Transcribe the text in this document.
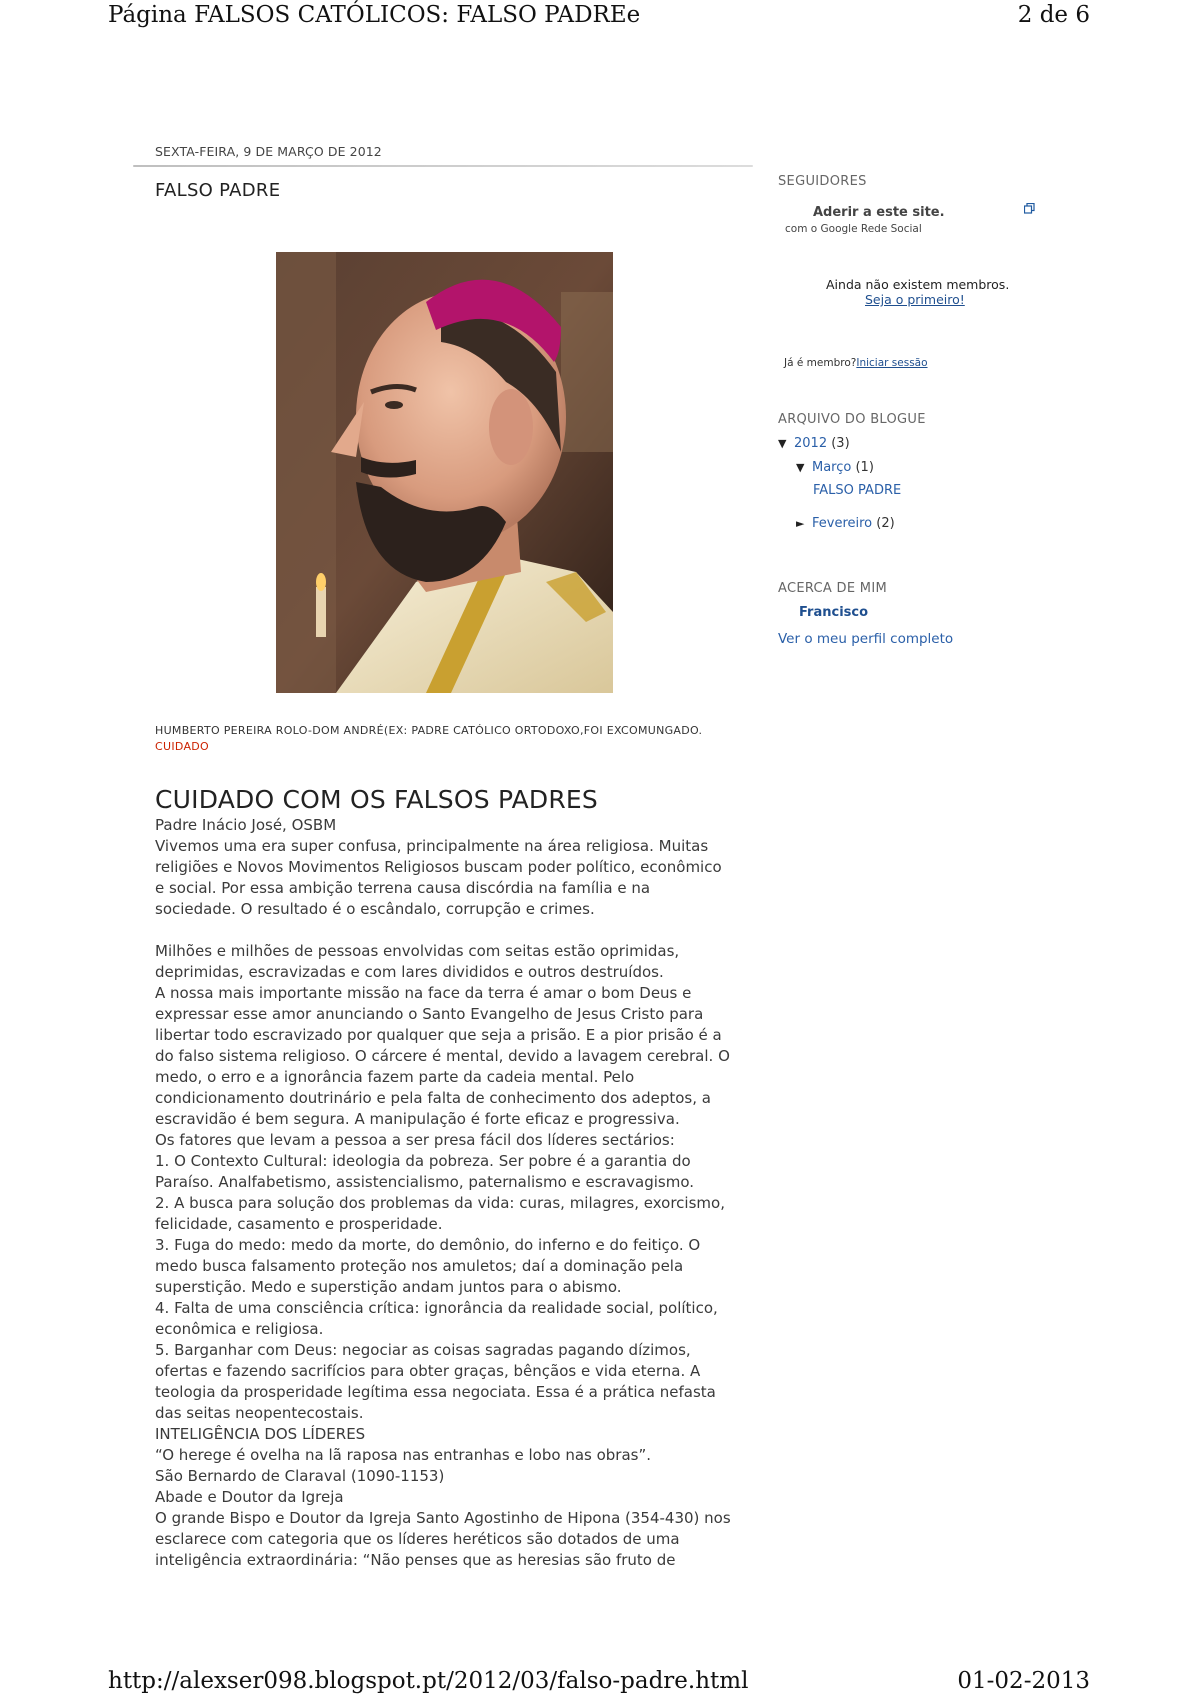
Página FALSOS CATÓLICOS: FALSO PADREe	2 de 6
SEXTA-FEIRA, 9 DE MARÇO DE 2012
FALSO PADRE
HUMBERTO PEREIRA ROLO-DOM ANDRÉ(EX: PADRE CATÓLICO ORTODOXO,FOI EXCOMUNGADO.
CUIDADO
CUIDADO COM OS FALSOS PADRES

Padre Inácio José, OSBM

Vivemos uma era super confusa, principalmente na área religiosa. Muitas religiões e Novos Movimentos Religiosos buscam poder político, econômico e social. Por essa ambição terrena causa discórdia na família e na sociedade. O resultado é o escândalo, corrupção e crimes.

Milhões e milhões de pessoas envolvidas com seitas estão oprimidas, deprimidas, escravizadas e com lares divididos e outros destruídos.

A nossa mais importante missão na face da terra é amar o bom Deus e expressar esse amor anunciando o Santo Evangelho de Jesus Cristo para libertar todo escravizado por qualquer que seja a prisão. E a pior prisão é a do falso sistema religioso. O cárcere é mental, devido a lavagem cerebral. O medo, o erro e a ignorância fazem parte da cadeia mental. Pelo condicionamento doutrinário e pela falta de conhecimento dos adeptos, a escravidão é bem segura. A manipulação é forte eficaz e progressiva.

Os fatores que levam a pessoa a ser presa fácil dos líderes sectários:

1. O Contexto Cultural: ideologia da pobreza. Ser pobre é a garantia do Paraíso. Analfabetismo, assistencialismo, paternalismo e escravagismo.

2. A busca para solução dos problemas da vida: curas, milagres, exorcismo, felicidade, casamento e prosperidade.

3. Fuga do medo: medo da morte, do demônio, do inferno e do feitiço. O medo busca falsamento proteção nos amuletos; daí a dominação pela superstição. Medo e superstição andam juntos para o abismo.

4. Falta de uma consciência crítica: ignorância da realidade social, político, econômica e religiosa.

5. Barganhar com Deus: negociar as coisas sagradas pagando dízimos, ofertas e fazendo sacrifícios para obter graças, bênçãos e vida eterna. A teologia da prosperidade legítima essa negociata. Essa é a prática nefasta das seitas neopentecostais.

INTELIGÊNCIA DOS LÍDERES

“O herege é ovelha na lã raposa nas entranhas e lobo nas obras”.

São Bernardo de Claraval (1090-1153)

Abade e Doutor da Igreja

O grande Bispo e Doutor da Igreja Santo Agostinho de Hipona (354-430) nos esclarece com categoria que os líderes heréticos são dotados de uma inteligência extraordinária: “Não penses que as heresias são fruto de

SEGUIDORES
Aderir a este site.
com o Google Rede Social
Ainda não existem membros.
Seja o primeiro!
Já é membro?Iniciar sessão
ARQUIVO DO BLOGUE
▼ 2012 (3)
▼ Março (1)
FALSO PADRE
► Fevereiro (2)
ACERCA DE MIM
Francisco
Ver o meu perfil completo
http://alexser098.blogspot.pt/2012/03/falso-padre.html	01-02-2013
